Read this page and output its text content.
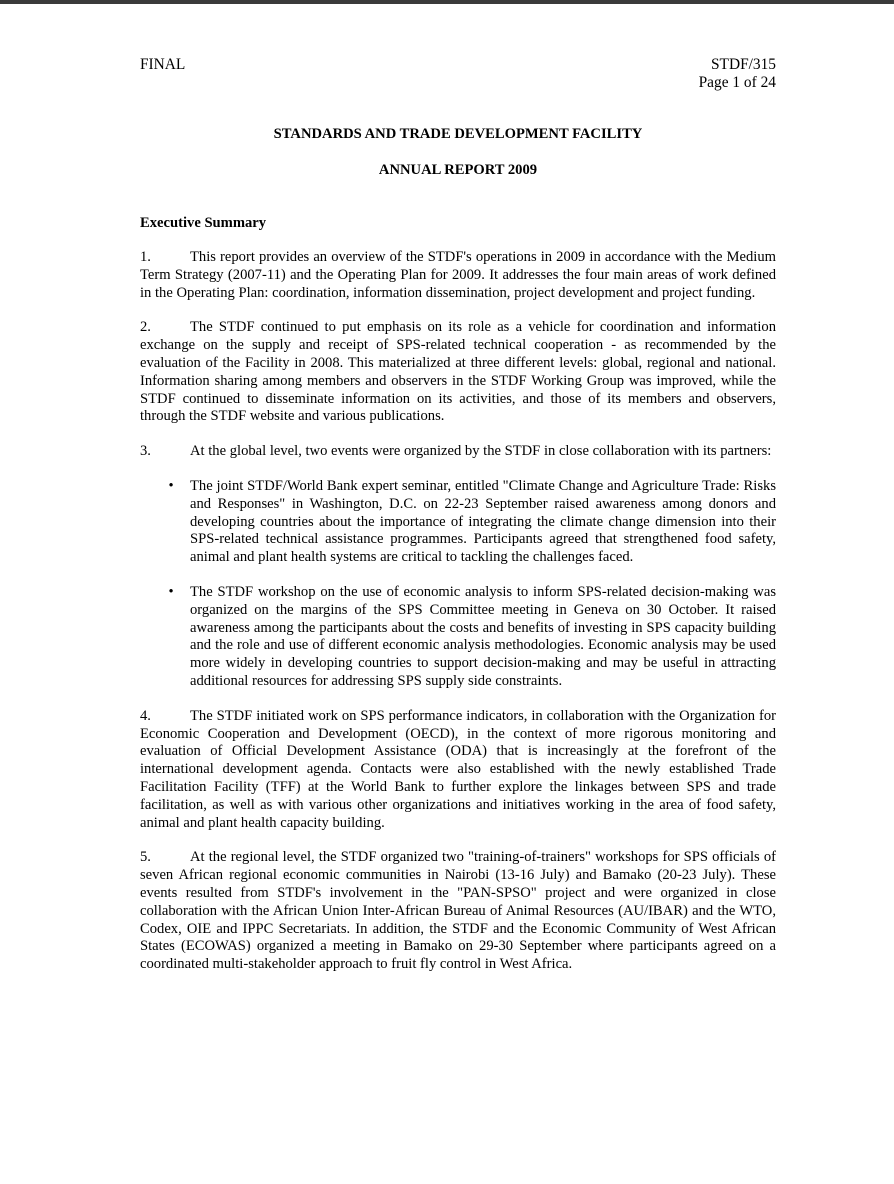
FINAL	STDF/315
Page 1 of 24
STANDARDS AND TRADE DEVELOPMENT FACILITY
ANNUAL REPORT 2009
Executive Summary

1.	This report provides an overview of the STDF's operations in 2009 in accordance with the Medium Term Strategy (2007-11) and the Operating Plan for 2009. It addresses the four main areas of work defined in the Operating Plan: coordination, information dissemination, project development and project funding.

2.	The STDF continued to put emphasis on its role as a vehicle for coordination and information exchange on the supply and receipt of SPS-related technical cooperation - as recommended by the evaluation of the Facility in 2008. This materialized at three different levels: global, regional and national. Information sharing among members and observers in the STDF Working Group was improved, while the STDF continued to disseminate information on its activities, and those of its members and observers, through the STDF website and various publications.

3.	At the global level, two events were organized by the STDF in close collaboration with its partners:

• The joint STDF/World Bank expert seminar, entitled "Climate Change and Agriculture Trade: Risks and Responses" in Washington, D.C. on 22-23 September raised awareness among donors and developing countries about the importance of integrating the climate change dimension into their SPS-related technical assistance programmes. Participants agreed that strengthened food safety, animal and plant health systems are critical to tackling the challenges faced.
• The STDF workshop on the use of economic analysis to inform SPS-related decision-making was organized on the margins of the SPS Committee meeting in Geneva on 30 October. It raised awareness among the participants about the costs and benefits of investing in SPS capacity building and the role and use of different economic analysis methodologies. Economic analysis may be used more widely in developing countries to support decision-making and may be useful in attracting additional resources for addressing SPS supply side constraints.

4.	The STDF initiated work on SPS performance indicators, in collaboration with the Organization for Economic Cooperation and Development (OECD), in the context of more rigorous monitoring and evaluation of Official Development Assistance (ODA) that is increasingly at the forefront of the international development agenda. Contacts were also established with the newly established Trade Facilitation Facility (TFF) at the World Bank to further explore the linkages between SPS and trade facilitation, as well as with various other organizations and initiatives working in the area of food safety, animal and plant health capacity building.

5.	At the regional level, the STDF organized two "training-of-trainers" workshops for SPS officials of seven African regional economic communities in Nairobi (13-16 July) and Bamako (20-23 July). These events resulted from STDF's involvement in the "PAN-SPSO" project and were organized in close collaboration with the African Union Inter-African Bureau of Animal Resources (AU/IBAR) and the WTO, Codex, OIE and IPPC Secretariats. In addition, the STDF and the Economic Community of West African States (ECOWAS) organized a meeting in Bamako on 29-30 September where participants agreed on a coordinated multi-stakeholder approach to fruit fly control in West Africa.
